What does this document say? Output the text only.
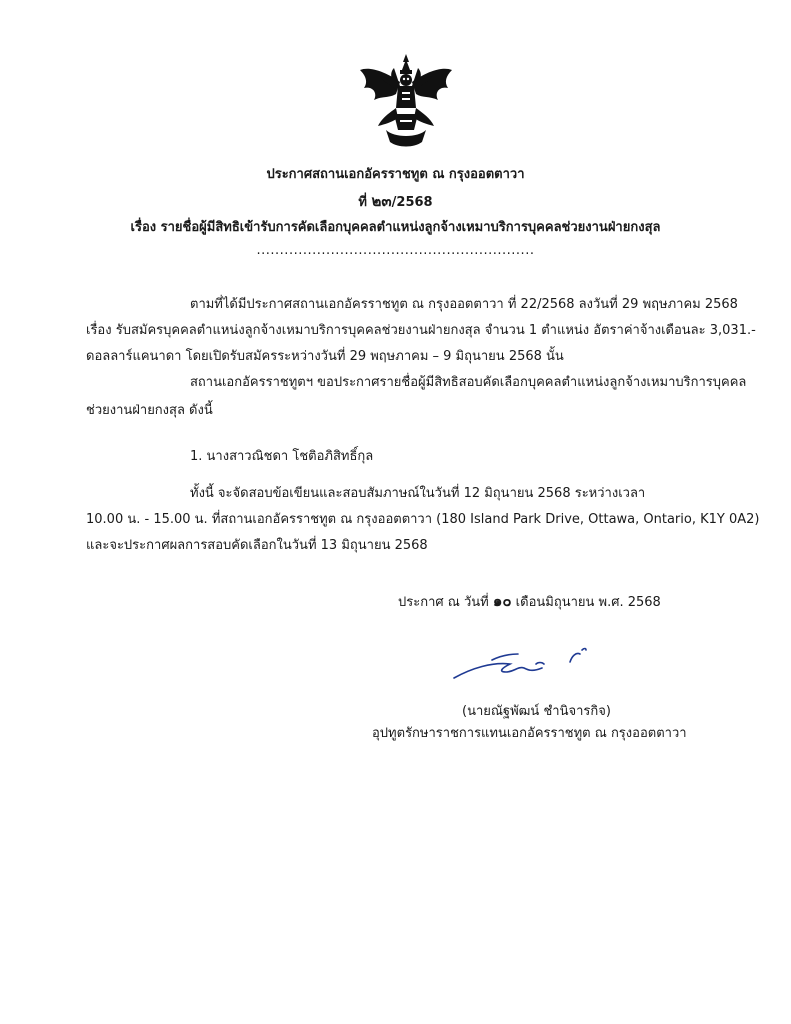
ประกาศสถานเอกอัครราชทูต ณ กรุงออตตาวา
ที่ ๒๓/2568
เรื่อง รายชื่อผู้มีสิทธิเข้ารับการคัดเลือกบุคคลตำแหน่งลูกจ้างเหมาบริการบุคคลช่วยงานฝ่ายกงสุล
............................................................
ตามที่ได้มีประกาศสถานเอกอัครราชทูต ณ กรุงออตตาวา ที่ 22/2568 ลงวันที่ 29 พฤษภาคม 2568
เรื่อง รับสมัครบุคคลตำแหน่งลูกจ้างเหมาบริการบุคคลช่วยงานฝ่ายกงสุล จำนวน 1 ตำแหน่ง อัตราค่าจ้างเดือนละ 3,031.-
ดอลลาร์แคนาดา โดยเปิดรับสมัครระหว่างวันที่ 29 พฤษภาคม – 9 มิถุนายน 2568 นั้น
สถานเอกอัครราชทูตฯ ขอประกาศรายชื่อผู้มีสิทธิสอบคัดเลือกบุคคลตำแหน่งลูกจ้างเหมาบริการบุคคล
ช่วยงานฝ่ายกงสุล ดังนี้
1. นางสาวณิชดา โชติอภิสิทธิ์กุล
ทั้งนี้ จะจัดสอบข้อเขียนและสอบสัมภาษณ์ในวันที่ 12 มิถุนายน 2568 ระหว่างเวลา
10.00 น. - 15.00 น. ที่สถานเอกอัครราชทูต ณ กรุงออตตาวา (180 Island Park Drive, Ottawa, Ontario, K1Y 0A2)
และจะประกาศผลการสอบคัดเลือกในวันที่ 13 มิถุนายน 2568
ประกาศ ณ วันที่ ๑๐ เดือนมิถุนายน พ.ศ. 2568
(นายณัฐพัฒน์ ชำนิจารกิจ)
อุปทูตรักษาราชการแทนเอกอัครราชทูต ณ กรุงออตตาวา
